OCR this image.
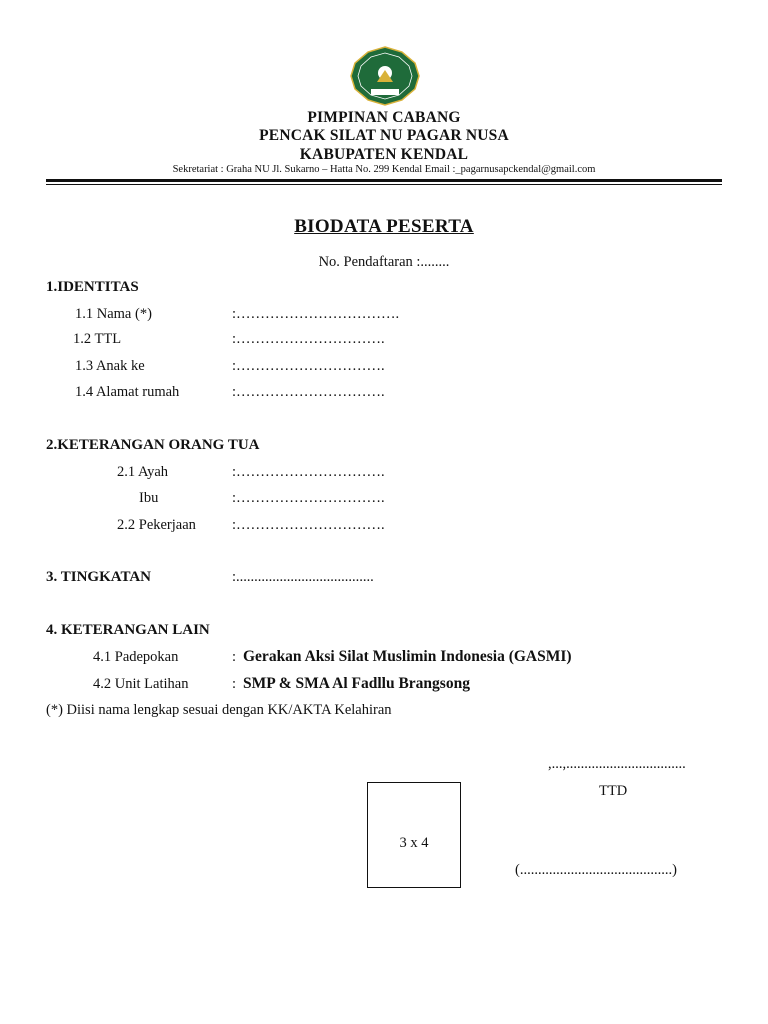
PIMPINAN CABANG
PENCAK SILAT NU PAGAR NUSA
KABUPATEN KENDAL
Sekretariat : Graha NU Jl. Sukarno – Hatta No. 299 Kendal Email :_pagarnusapckendal@gmail.com
BIODATA PESERTA
No. Pendaftaran :........
1.IDENTITAS
1.1 Nama (*)	:…………………………….
1.2 TTL	:………………………….
1.3 Anak ke	:………………………….
1.4 Alamat rumah	:………………………….
2.KETERANGAN ORANG TUA
2.1 Ayah	:………………………….
Ibu	:………………………….
2.2 Pekerjaan :………………………….
3. TINGKATAN	:......................................
4. KETERANGAN LAIN
4.1 Padepokan	: Gerakan Aksi Silat Muslimin Indonesia (GASMI)
4.2 Unit Latihan	: SMP & SMA Al Fadllu Brangsong
(*) Diisi nama lengkap sesuai dengan KK/AKTA Kelahiran
,...,.................................
TTD
(..........................................)
3 x 4
